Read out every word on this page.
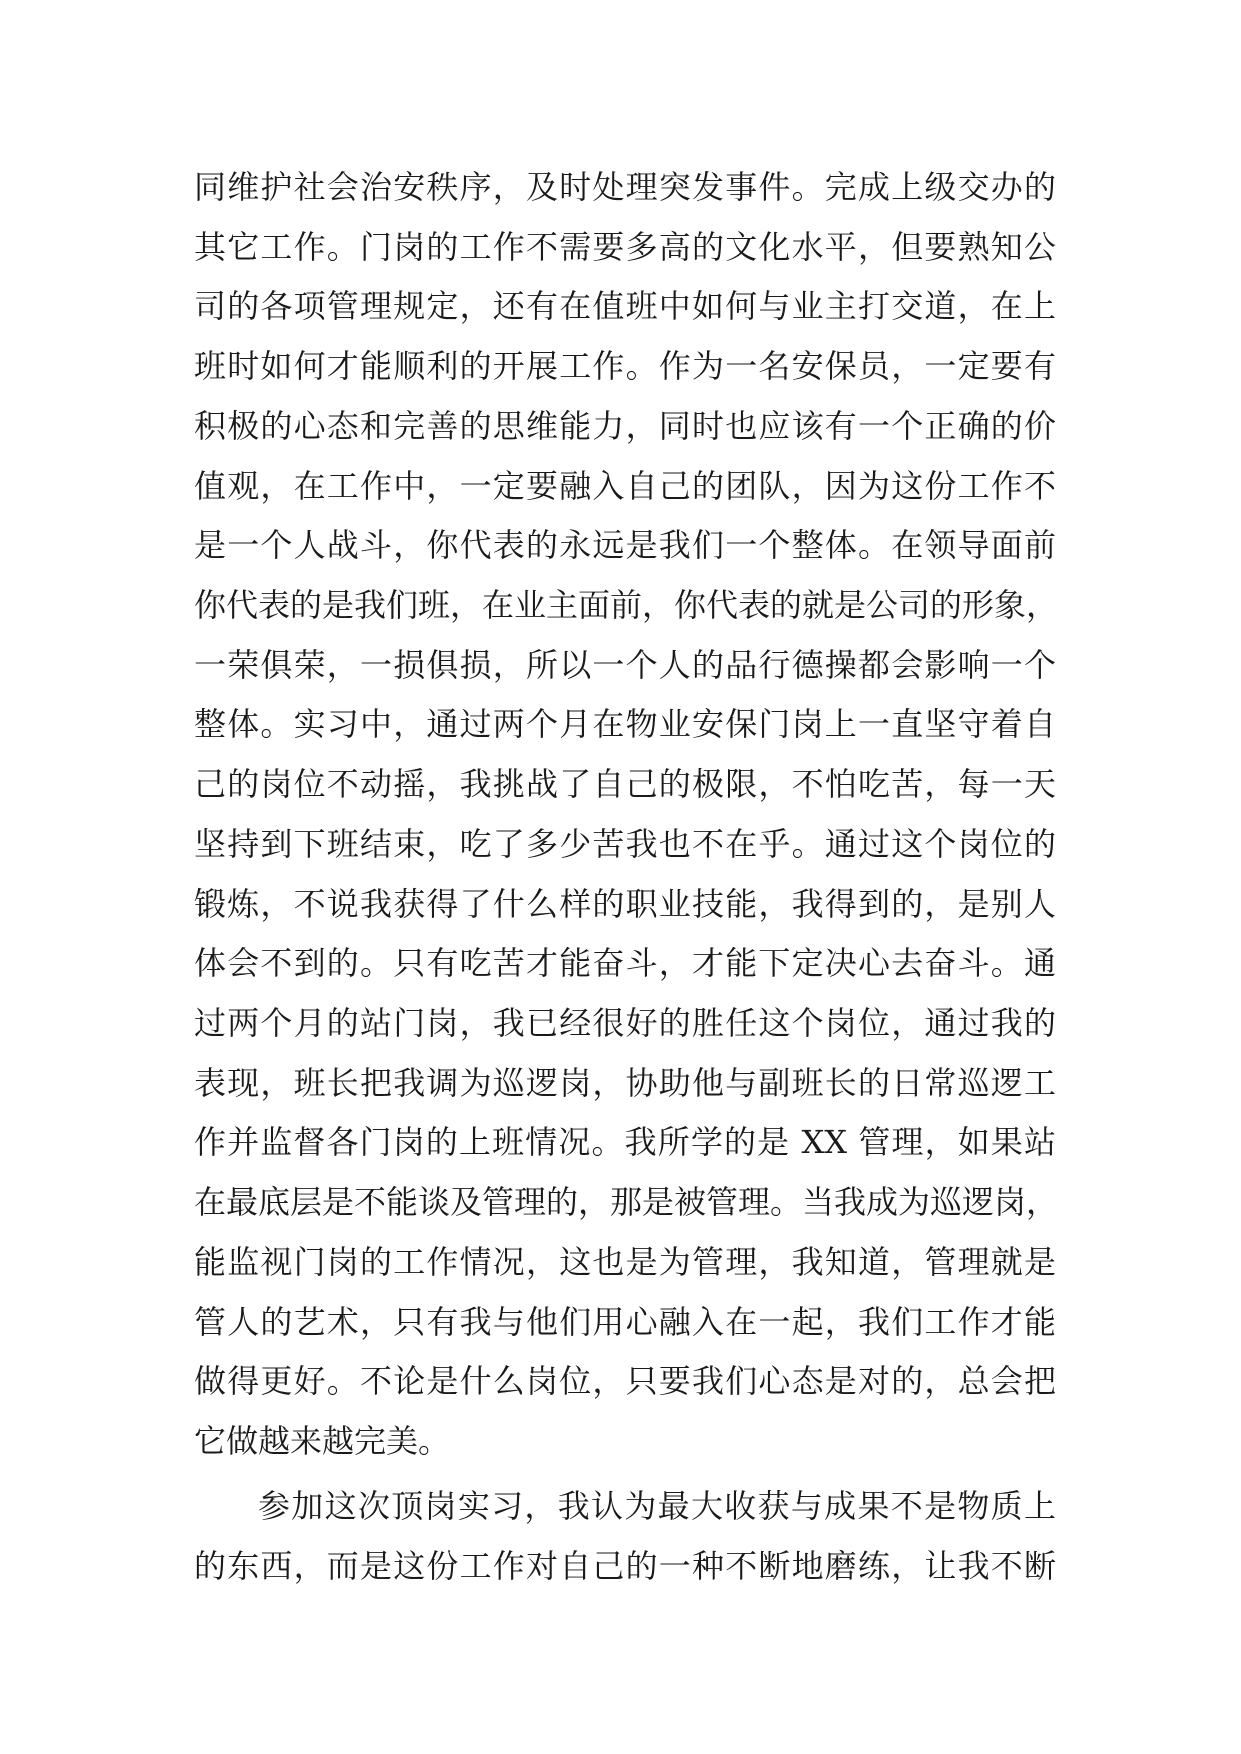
同维护社会治安秩序，及时处理突发事件。完成上级交办的

其它工作。门岗的工作不需要多高的文化水平，但要熟知公

司的各项管理规定，还有在值班中如何与业主打交道，在上

班时如何才能顺利的开展工作。作为一名安保员，一定要有

积极的心态和完善的思维能力，同时也应该有一个正确的价

值观，在工作中，一定要融入自己的团队，因为这份工作不

是一个人战斗，你代表的永远是我们一个整体。在领导面前

你代表的是我们班，在业主面前，你代表的就是公司的形象，

一荣俱荣，一损俱损，所以一个人的品行德操都会影响一个

整体。实习中，通过两个月在物业安保门岗上一直坚守着自

己的岗位不动摇，我挑战了自己的极限，不怕吃苦，每一天

坚持到下班结束，吃了多少苦我也不在乎。通过这个岗位的

锻炼，不说我获得了什么样的职业技能，我得到的，是别人

体会不到的。只有吃苦才能奋斗，才能下定决心去奋斗。通

过两个月的站门岗，我已经很好的胜任这个岗位，通过我的

表现，班长把我调为巡逻岗，协助他与副班长的日常巡逻工

作并监督各门岗的上班情况。我所学的是 XX 管理，如果站

在最底层是不能谈及管理的，那是被管理。当我成为巡逻岗，

能监视门岗的工作情况，这也是为管理，我知道，管理就是

管人的艺术，只有我与他们用心融入在一起，我们工作才能

做得更好。不论是什么岗位，只要我们心态是对的，总会把

它做越来越完美。

参加这次顶岗实习，我认为最大收获与成果不是物质上

的东西，而是这份工作对自己的一种不断地磨练，让我不断
